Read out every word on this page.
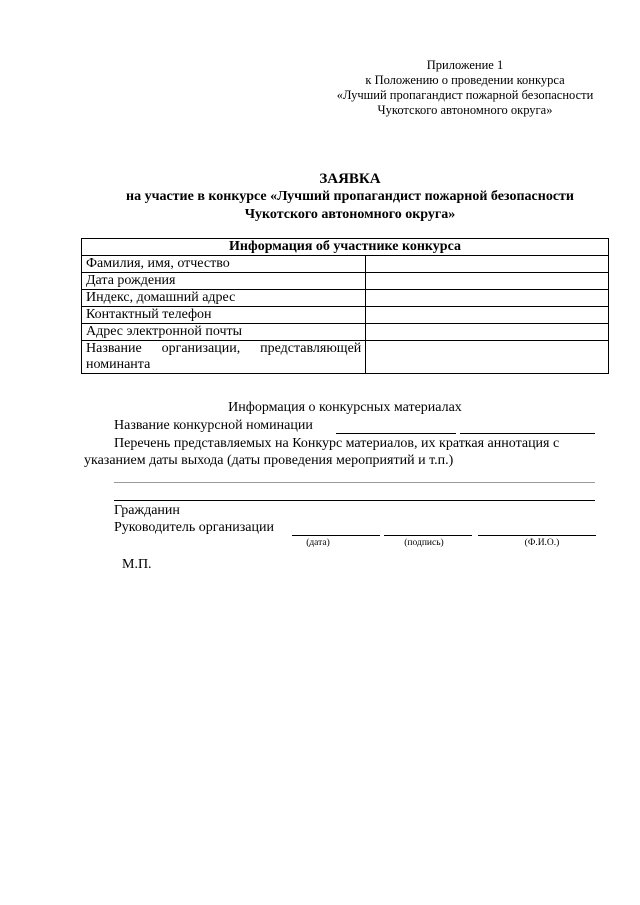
Приложение 1
к Положению о проведении конкурса
«Лучший пропагандист пожарной безопасности
Чукотского автономного округа»
ЗАЯВКА
на участие в конкурсе «Лучший пропагандист пожарной безопасности
Чукотского автономного округа»
Информация об участнике конкурса	
Фамилия, имя, отчество	
Дата рождения	
Индекс, домашний адрес	
Контактный телефон	
Адрес электронной почты	
Название организации, представляющей номинанта	
Информация о конкурсных материалах
Название конкурсной номинации
Перечень представляемых на Конкурс материалов, их краткая аннотация с
указанием даты выхода (даты проведения мероприятий и т.п.)
Гражданин
Руководитель организации
(дата)	(подпись)	(Ф.И.О.)
М.П.
